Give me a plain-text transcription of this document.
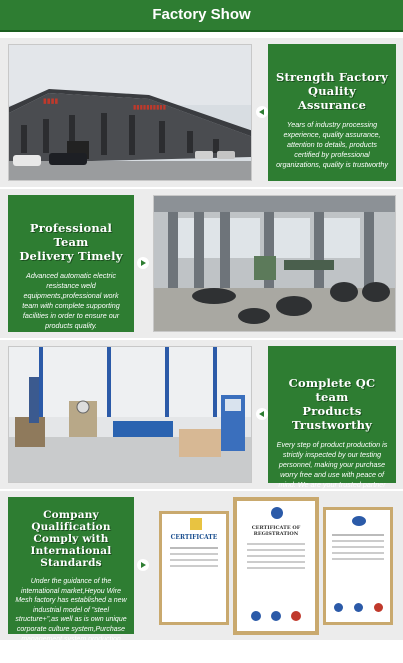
Factory Show
▮▮▮▮
▮▮▮▮▮▮▮▮▮▮
Strength Factory
Quality Assurance
Years of industry processing experience, quality assurance, attention to details, products certified by professional organizations, quality is trustworthy
Professional Team
Delivery Timely
Advanced automatic electric resistance weld equipments,professional work team with complete supporting facilities in order to ensure our products quality.
Complete QC team
Products Trustworthy
Every step of product production is strictly inspected by our testing personnel, making your purchase worry free and use with peace of mind. We are your trusted partner
Company Qualification
Comply with
International Standards
Under the guidance of the international market,Heyou Wire Mesh factory has established a new industrial model of "steel structure+",as well as is own unique corporate culture system,Purchase management system,production management system,detection system
CERTIFICATE
CERTIFICATE OF REGISTRATION
